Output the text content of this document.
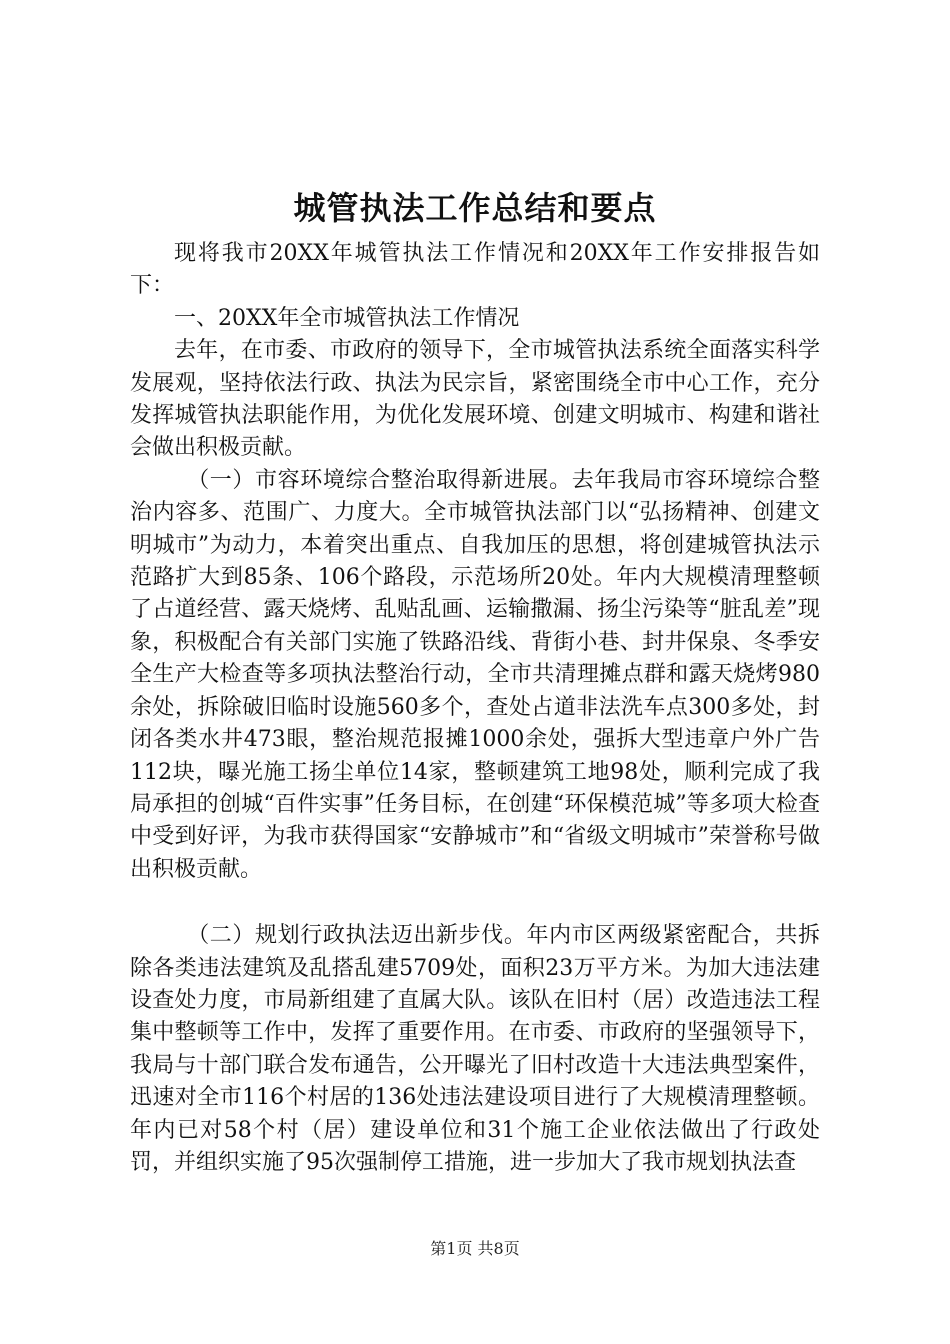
城管执法工作总结和要点

现将我市20XX年城管执法工作情况和20XX年工作安排报告如下：

一、20XX年全市城管执法工作情况

去年，在市委、市政府的领导下，全市城管执法系统全面落实科学发展观，坚持依法行政、执法为民宗旨，紧密围绕全市中心工作，充分发挥城管执法职能作用，为优化发展环境、创建文明城市、构建和谐社会做出积极贡献。

（一）市容环境综合整治取得新进展。去年我局市容环境综合整治内容多、范围广、力度大。全市城管执法部门以“弘扬精神、创建文明城市”为动力，本着突出重点、自我加压的思想，将创建城管执法示范路扩大到85条、106个路段，示范场所20处。年内大规模清理整顿了占道经营、露天烧烤、乱贴乱画、运输撒漏、扬尘污染等“脏乱差”现象，积极配合有关部门实施了铁路沿线、背街小巷、封井保泉、冬季安全生产大检查等多项执法整治行动，全市共清理摊点群和露天烧烤980余处，拆除破旧临时设施560多个，查处占道非法洗车点300多处，封闭各类水井473眼，整治规范报摊1000余处，强拆大型违章户外广告112块，曝光施工扬尘单位14家，整顿建筑工地98处，顺利完成了我局承担的创城“百件实事”任务目标，在创建“环保模范城”等多项大检查中受到好评，为我市获得国家“安静城市”和“省级文明城市”荣誉称号做出积极贡献。

（二）规划行政执法迈出新步伐。年内市区两级紧密配合，共拆除各类违法建筑及乱搭乱建5709处，面积23万平方米。为加大违法建设查处力度，市局新组建了直属大队。该队在旧村（居）改造违法工程集中整顿等工作中，发挥了重要作用。在市委、市政府的坚强领导下，我局与十部门联合发布通告，公开曝光了旧村改造十大违法典型案件，迅速对全市116个村居的136处违法建设项目进行了大规模清理整顿。年内已对58个村（居）建设单位和31个施工企业依法做出了行政处罚，并组织实施了95次强制停工措施，进一步加大了我市规划执法查

第1页 共8页
